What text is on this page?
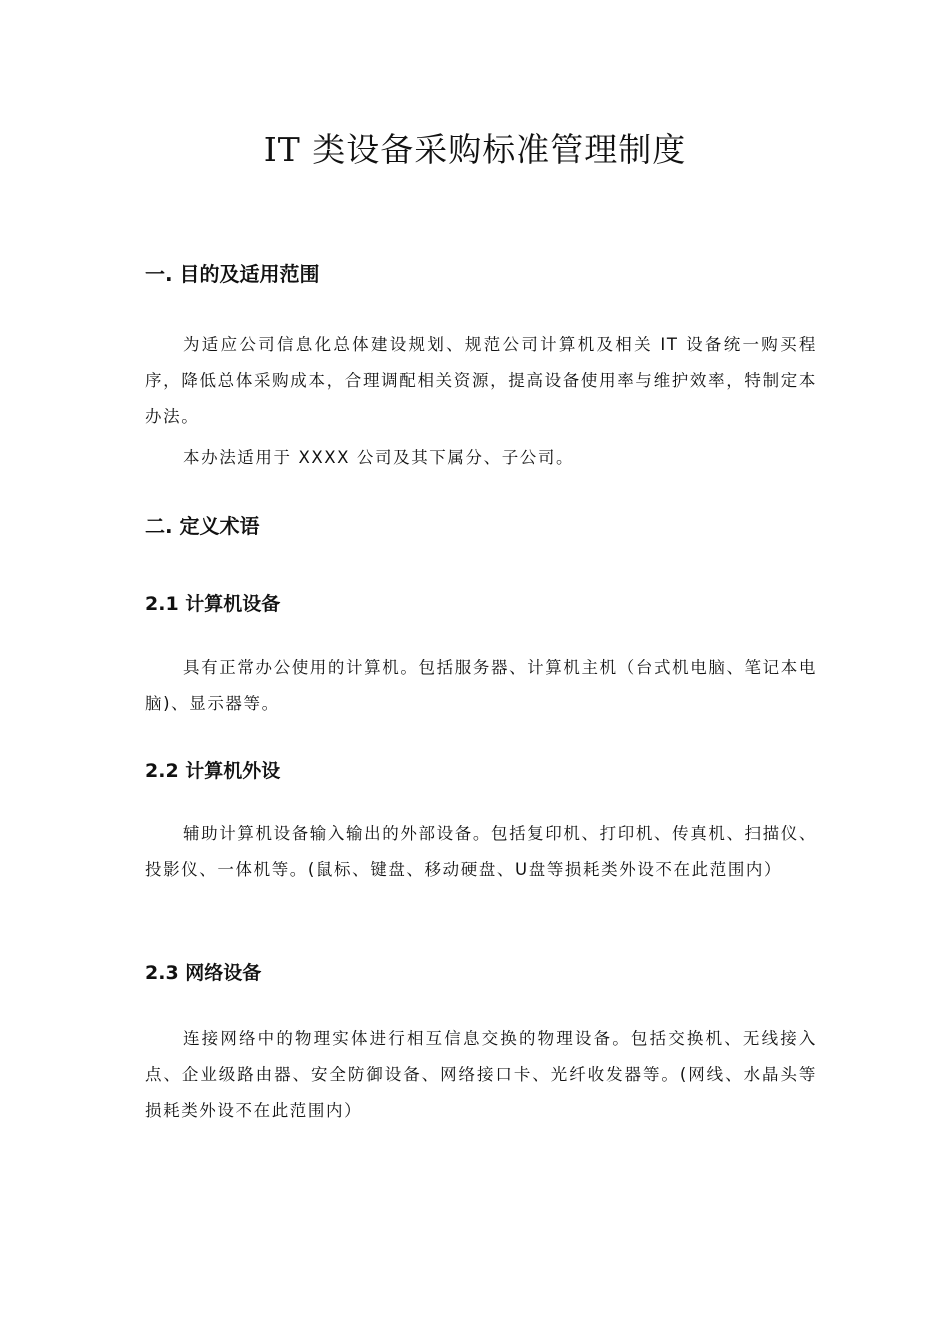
IT 类设备采购标准管理制度
一. 目的及适用范围

为适应公司信息化总体建设规划、规范公司计算机及相关 IT 设备统一购买程序，降低总体采购成本，合理调配相关资源，提高设备使用率与维护效率，特制定本办法。

本办法适用于 XXXX 公司及其下属分、子公司。

二. 定义术语
2.1 计算机设备

具有正常办公使用的计算机。包括服务器、计算机主机（台式机电脑、笔记本电脑)、显示器等。

2.2 计算机外设

辅助计算机设备输入输出的外部设备。包括复印机、打印机、传真机、扫描仪、投影仪、一体机等。(鼠标、键盘、移动硬盘、U盘等损耗类外设不在此范围内）

2.3 网络设备

连接网络中的物理实体进行相互信息交换的物理设备。包括交换机、无线接入点、企业级路由器、安全防御设备、网络接口卡、光纤收发器等。(网线、水晶头等损耗类外设不在此范围内）
